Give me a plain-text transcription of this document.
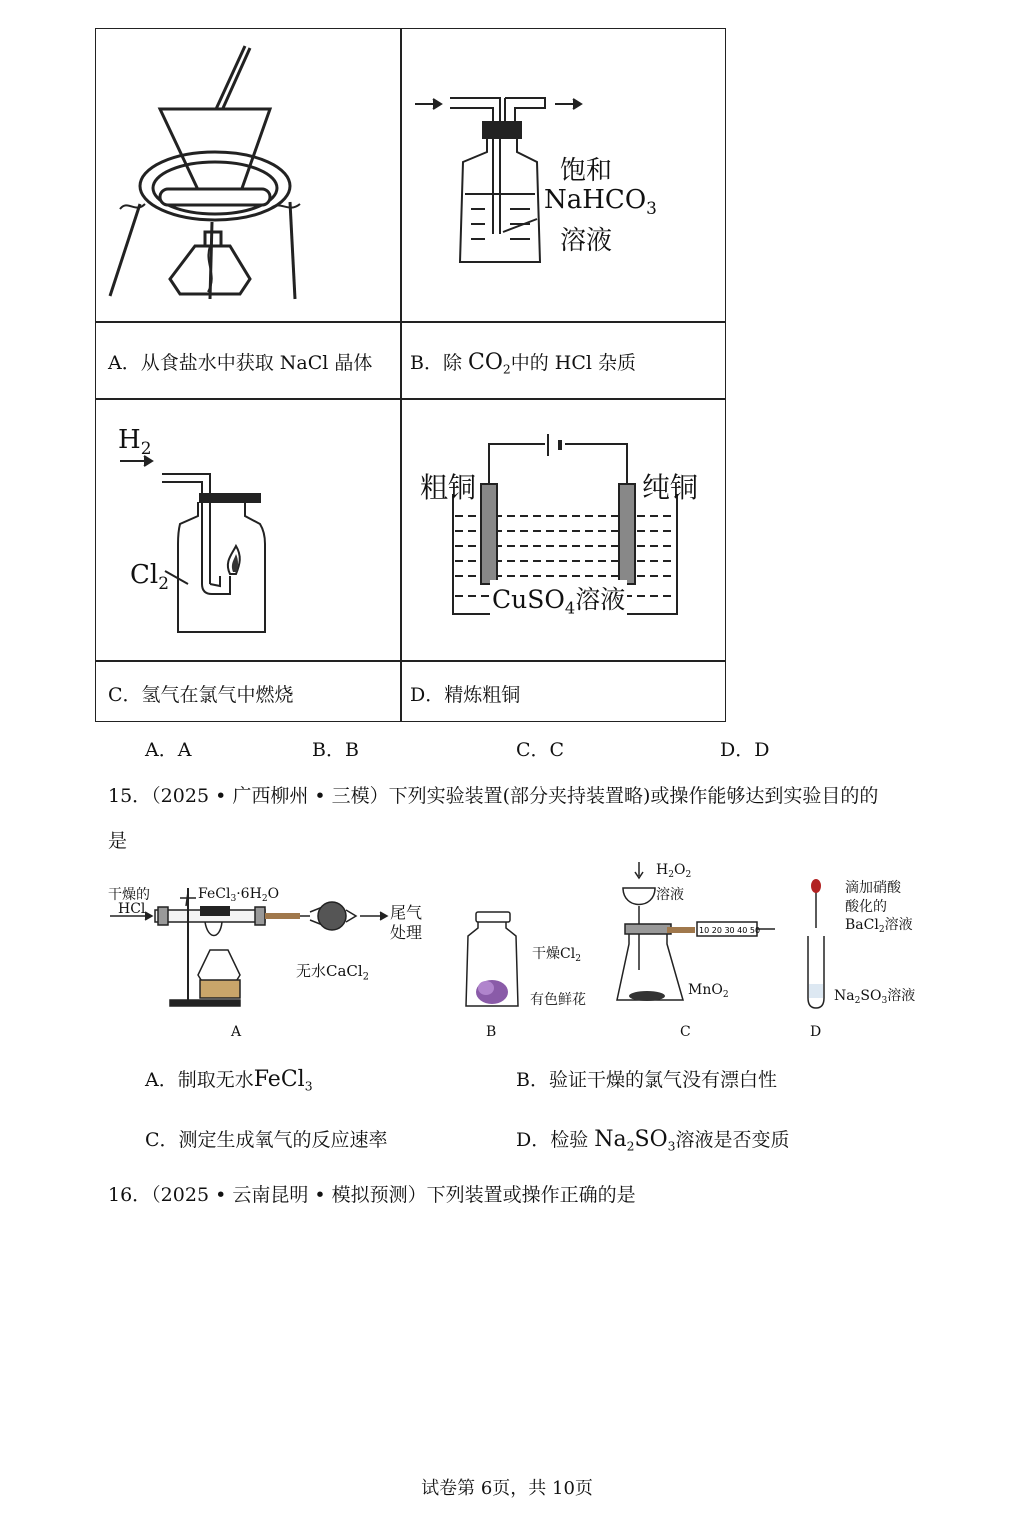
饱和
NaHCO$_3$
溶液
A．从食盐水中获取 NaCl 晶体 B．除 $CO_2$中的 HCl 杂质
$H_2$
$Cl_2$
粗铜	纯铜
CuSO$_4$溶液
C．氢气在氯气中燃烧	D．精炼粗铜
A．A	B．B	C．C	D．D
15．（2025 • 广西柳州 • 三模）下列实验装置(部分夹持装置略)或操作能够达到实验目的的
是
干燥的
HCl
$FeCl_3\cdot 6H_2O$
尾气
处理
无水CaCl$_2$
A
干燥$Cl_2$
有色鲜花
B
10 20 30 40 50
$H_2O_2$
溶液
MnO$_2$
C
滴加硝酸
酸化的
BaCl$_2$溶液
$Na_2SO_3$溶液
D
A．制取无水FeCl$_3$	B．验证干燥的氯气没有漂白性
C．测定生成氧气的反应速率	D．检验 $Na_2SO_3$溶液是否变质
16．（2025 • 云南昆明 • 模拟预测）下列装置或操作正确的是
试卷第 6页，共 10页
